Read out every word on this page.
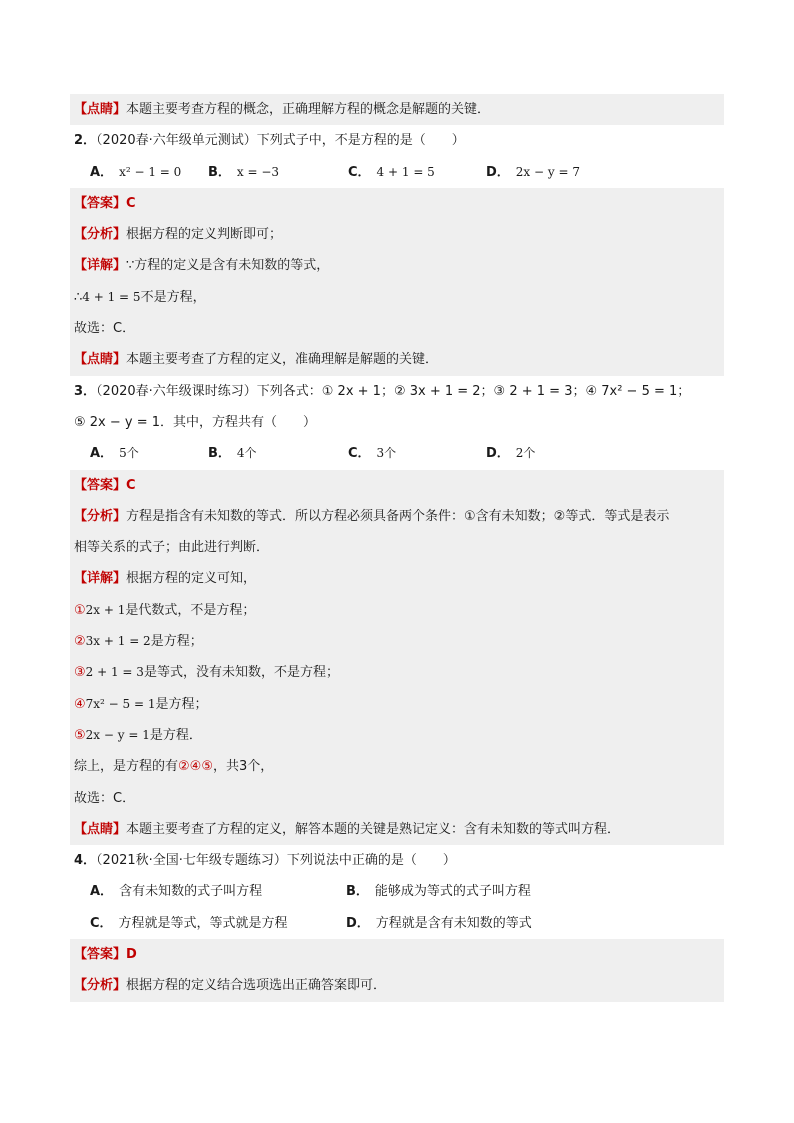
【点睛】本题主要考查方程的概念，正确理解方程的概念是解题的关键．
2．（2020春·六年级单元测试）下列式子中，不是方程的是（　　）
A． x² − 1 = 0	B． x = −3	C． 4 + 1 = 5	D． 2x − y = 7
【答案】C
【分析】根据方程的定义判断即可；
【详解】∵方程的定义是含有未知数的等式，
∴4 + 1 = 5不是方程，
故选：C．
【点睛】本题主要考查了方程的定义，准确理解是解题的关键．
3．（2020春·六年级课时练习）下列各式：① 2x + 1；② 3x + 1 = 2；③ 2 + 1 = 3；④ 7x² − 5 = 1；
⑤ 2x − y = 1．其中，方程共有（　　）
A． 5个	B． 4个	C． 3个	D． 2个
【答案】C
【分析】方程是指含有未知数的等式．所以方程必须具备两个条件：①含有未知数；②等式．等式是表示
相等关系的式子；由此进行判断．
【详解】根据方程的定义可知，
①2x + 1是代数式，不是方程；
②3x + 1 = 2是方程；
③2 + 1 = 3是等式，没有未知数，不是方程；
④7x² − 5 = 1是方程；
⑤2x − y = 1是方程．
综上，是方程的有②④⑤，共3个，
故选：C．
【点睛】本题主要考查了方程的定义，解答本题的关键是熟记定义：含有未知数的等式叫方程．
4．（2021秋·全国·七年级专题练习）下列说法中正确的是（　　）
A． 含有未知数的式子叫方程	B． 能够成为等式的式子叫方程
C． 方程就是等式，等式就是方程	D． 方程就是含有未知数的等式
【答案】D
【分析】根据方程的定义结合选项选出正确答案即可．
